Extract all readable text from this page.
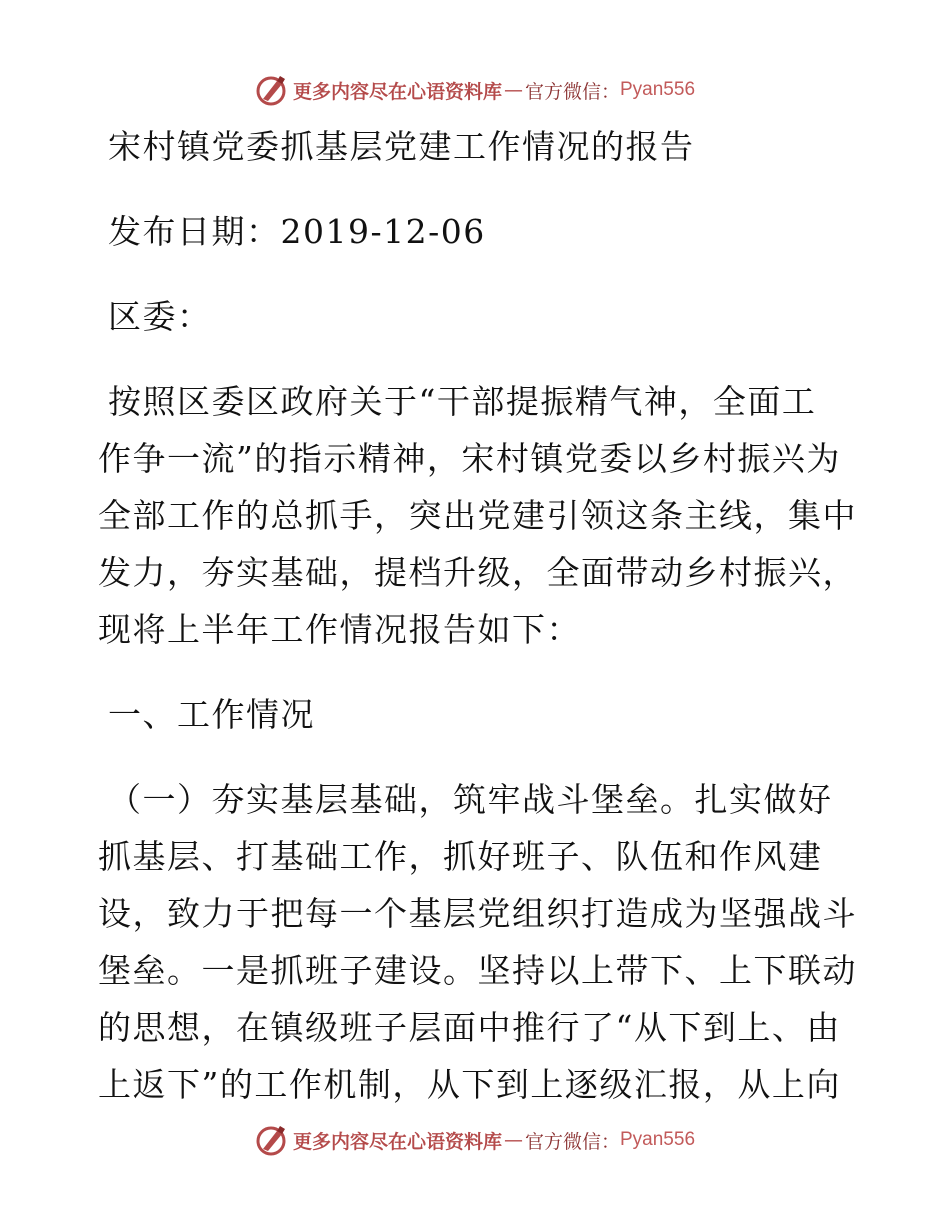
更多内容尽在心语资料库 — 官方微信： Pyan556

宋村镇党委抓基层党建工作情况的报告

发布日期：2019-12-06

区委：

按照区委区政府关于“干部提振精气神，全面工

作争一流”的指示精神，宋村镇党委以乡村振兴为

全部工作的总抓手，突出党建引领这条主线，集中

发力，夯实基础，提档升级，全面带动乡村振兴，

现将上半年工作情况报告如下：

一、工作情况

（一）夯实基层基础，筑牢战斗堡垒。扎实做好

抓基层、打基础工作，抓好班子、队伍和作风建

设，致力于把每一个基层党组织打造成为坚强战斗

堡垒。一是抓班子建设。坚持以上带下、上下联动

的思想，在镇级班子层面中推行了“从下到上、由

上返下”的工作机制，从下到上逐级汇报，从上向

更多内容尽在心语资料库 — 官方微信： Pyan556
